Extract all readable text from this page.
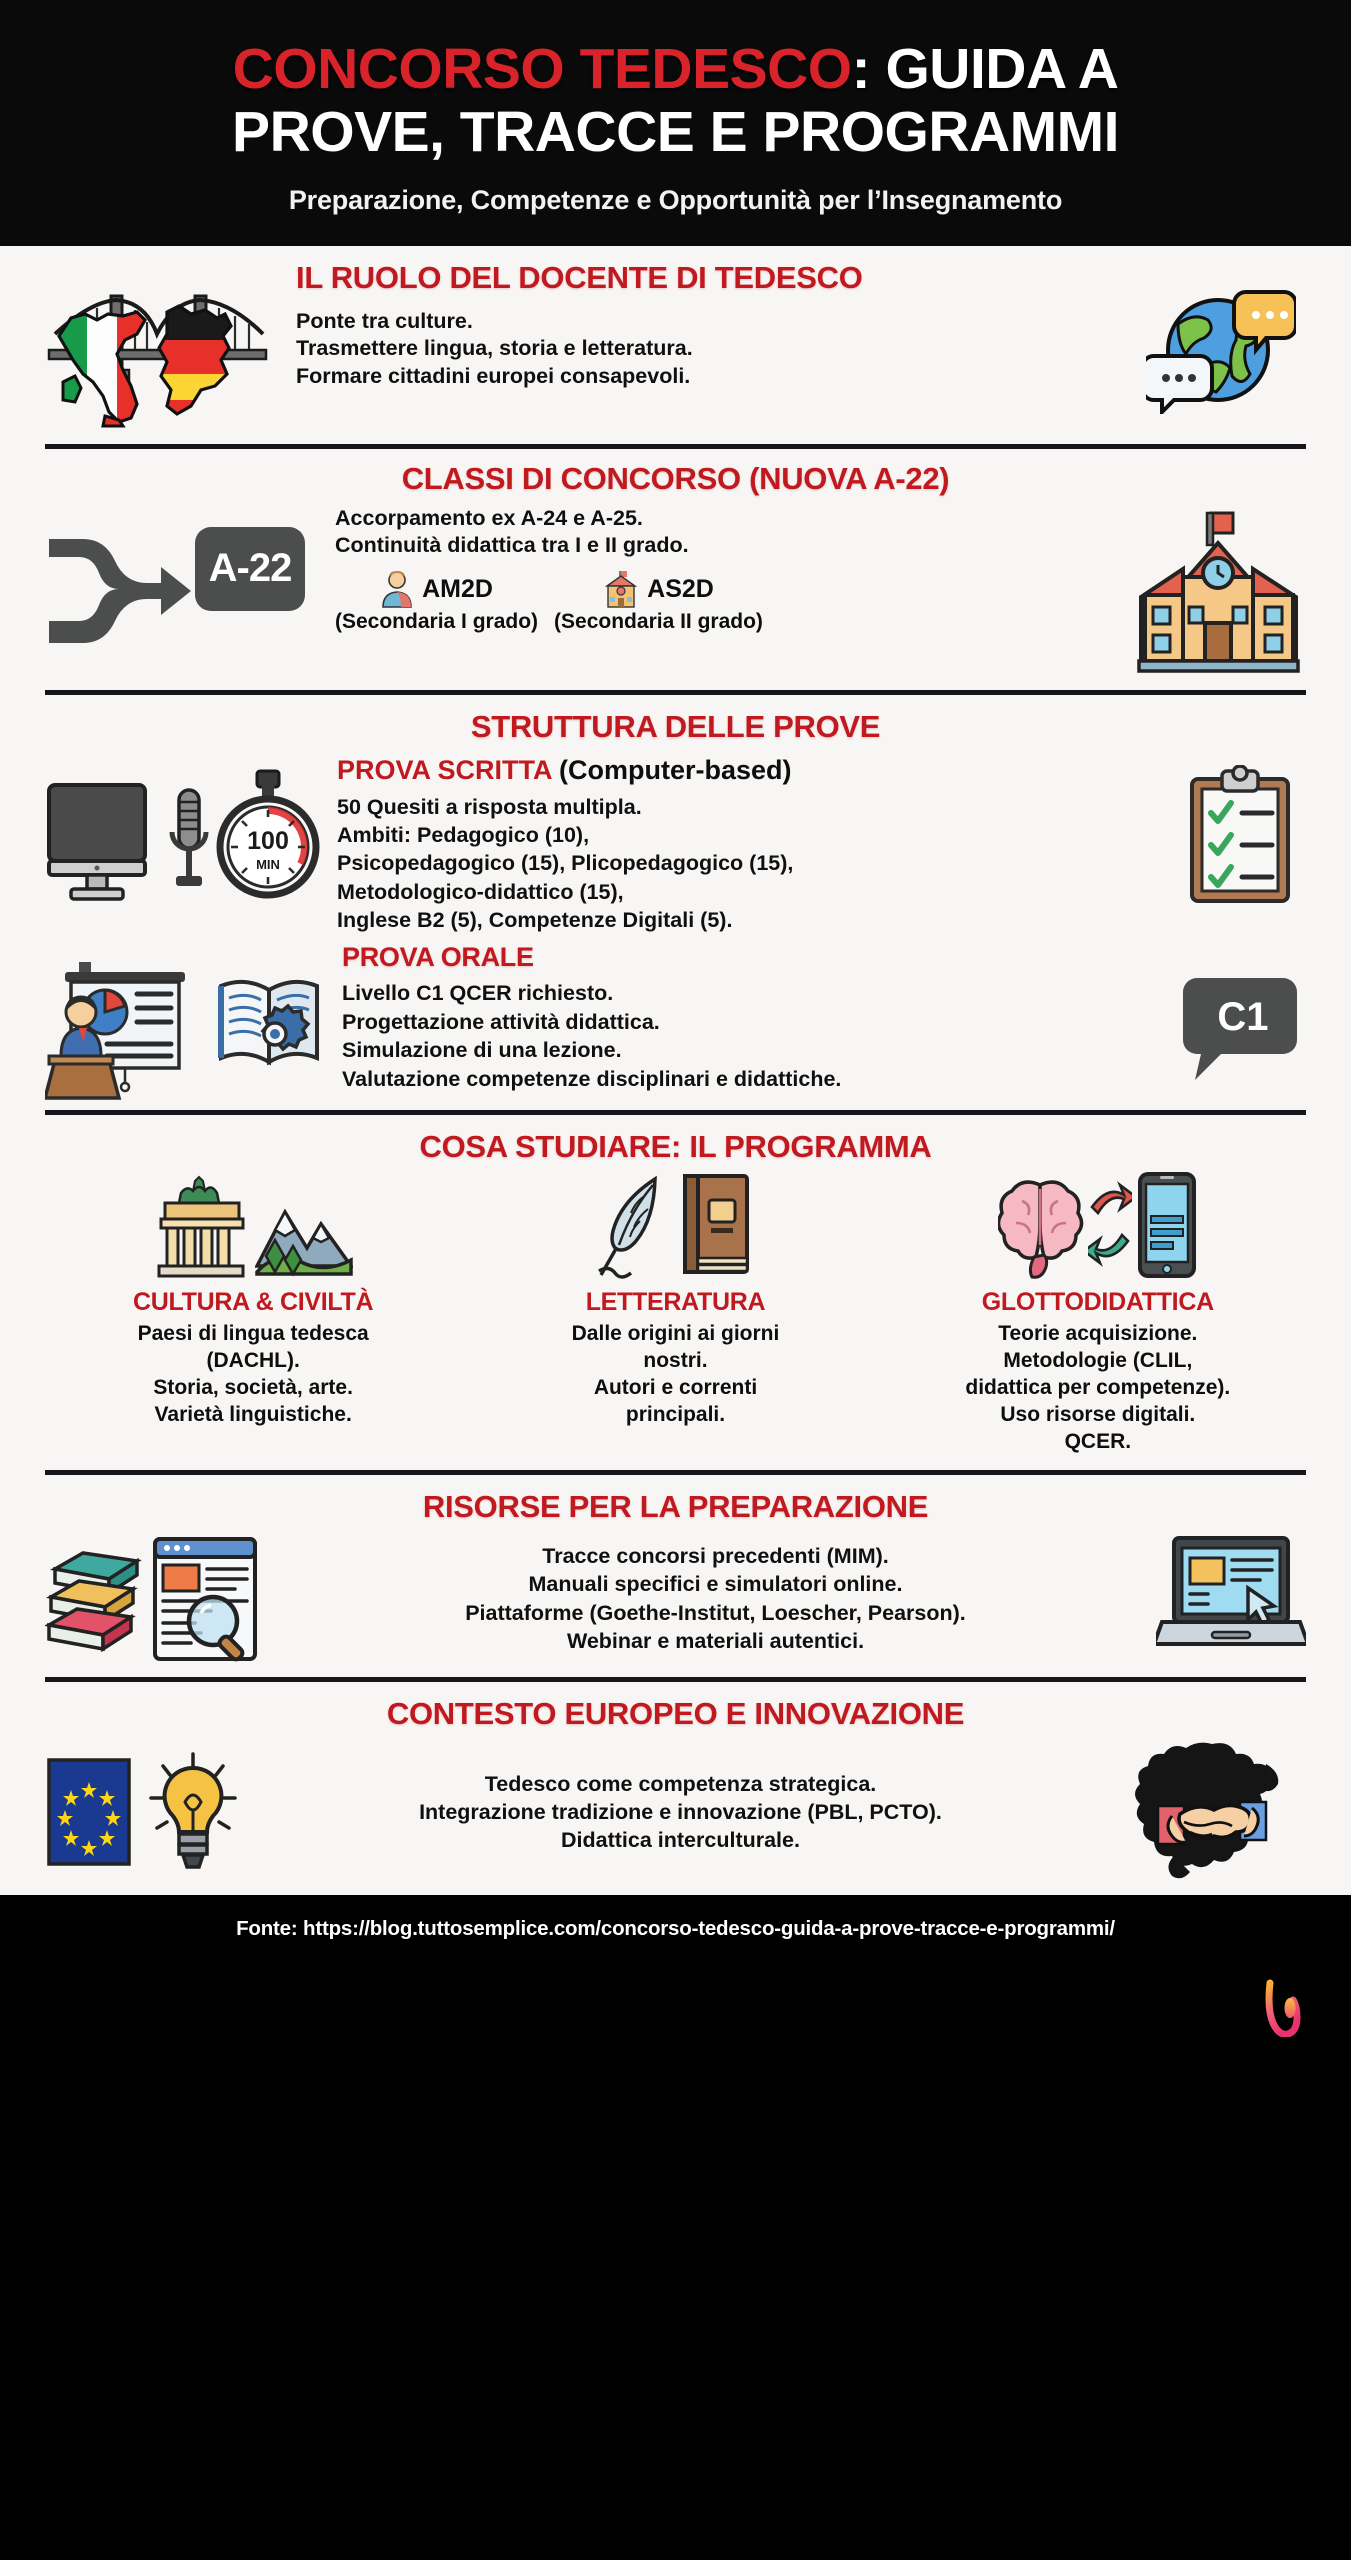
CONCORSO TEDESCO: GUIDA A
PROVE, TRACCE E PROGRAMMI
Preparazione, Competenze e Opportunità per l’Insegnamento
IL RUOLO DEL DOCENTE DI TEDESCO
Ponte tra culture.
Trasmettere lingua, storia e letteratura.
Formare cittadini europei consapevoli.
CLASSI DI CONCORSO (NUOVA A-22)
A-22
Accorpamento ex A-24 e A-25.
Continuità didattica tra I e II grado.
AM2D
(Secondaria I grado)
AS2D
(Secondaria II grado)
STRUTTURA DELLE PROVE
100
MIN
PROVA SCRITTA (Computer-based)
50 Quesiti a risposta multipla.
Ambiti: Pedagogico (10),
Psicopedagogico (15), Plicopedagogico (15),
Metodologico-didattico (15),
Inglese B2 (5), Competenze Digitali (5).
PROVA ORALE
Livello C1 QCER richiesto.
Progettazione attività didattica.
Simulazione di una lezione.
Valutazione competenze disciplinari e didattiche.
C1
COSA STUDIARE: IL PROGRAMMA
CULTURA & CIVILTÀ
Paesi di lingua tedesca
(DACHL).
Storia, società, arte.
Varietà linguistiche.
LETTERATURA
Dalle origini ai giorni
nostri.
Autori e correnti
principali.
GLOTTODIDATTICA
Teorie acquisizione.
Metodologie (CLIL,
didattica per competenze).
Uso risorse digitali.
QCER.
RISORSE PER LA PREPARAZIONE
Tracce concorsi precedenti (MIM).
Manuali specifici e simulatori online.
Piattaforme (Goethe-Institut, Loescher, Pearson).
Webinar e materiali autentici.
CONTESTO EUROPEO E INNOVAZIONE
Tedesco come competenza strategica.
Integrazione tradizione e innovazione (PBL, PCTO).
Didattica interculturale.
Fonte: https://blog.tuttosemplice.com/concorso-tedesco-guida-a-prove-tracce-e-programmi/
